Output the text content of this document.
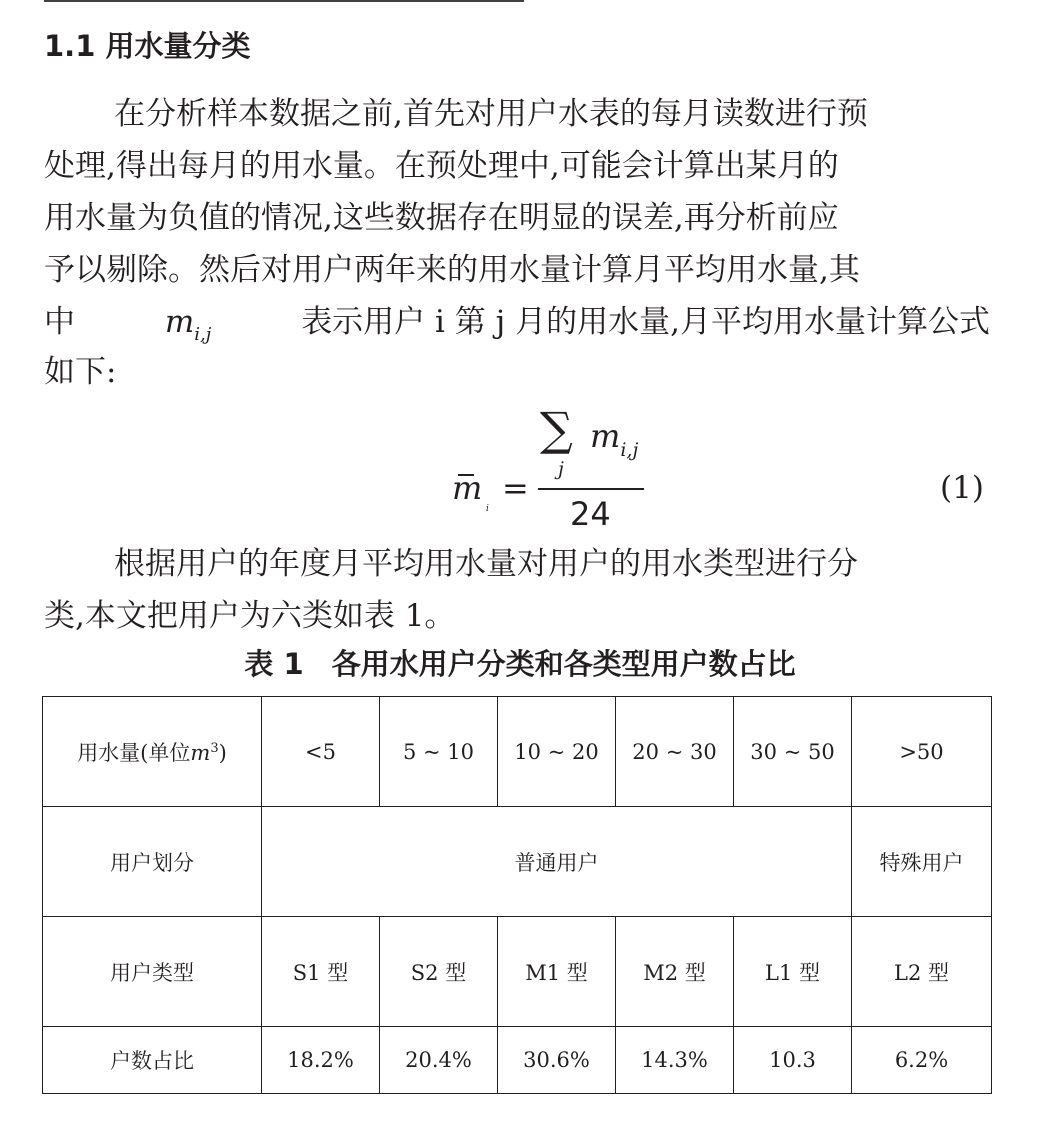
1.1 用水量分类
在分析样本数据之前,首先对用户水表的每月读数进行预
处理,得出每月的用水量。在预处理中,可能会计算出某月的
用水量为负值的情况,这些数据存在明显的误差,再分析前应
予以剔除。然后对用户两年来的用水量计算月平均用水量,其
中	$m_{i,j}$	表示用户 i 第 j 月的用水量,月平均用水量计算公式
如下:
∑ $m_{i,j}$
j
24
m
i
=	(1)
根据用户的年度月平均用水量对用户的用水类型进行分
类,本文把用户为六类如表 1。
表 1 各用水用户分类和各类型用户数占比
用水量(单位$m^3$)	<5	5 ~ 10	10 ~ 20	20 ~ 30	30 ~ 50	>50
用户划分	普通用户					特殊用户
用户类型	S1 型	S2 型	M1 型	M2 型	L1 型	L2 型
户数占比	18.2%	20.4%	30.6%	14.3%	10.3	6.2%
